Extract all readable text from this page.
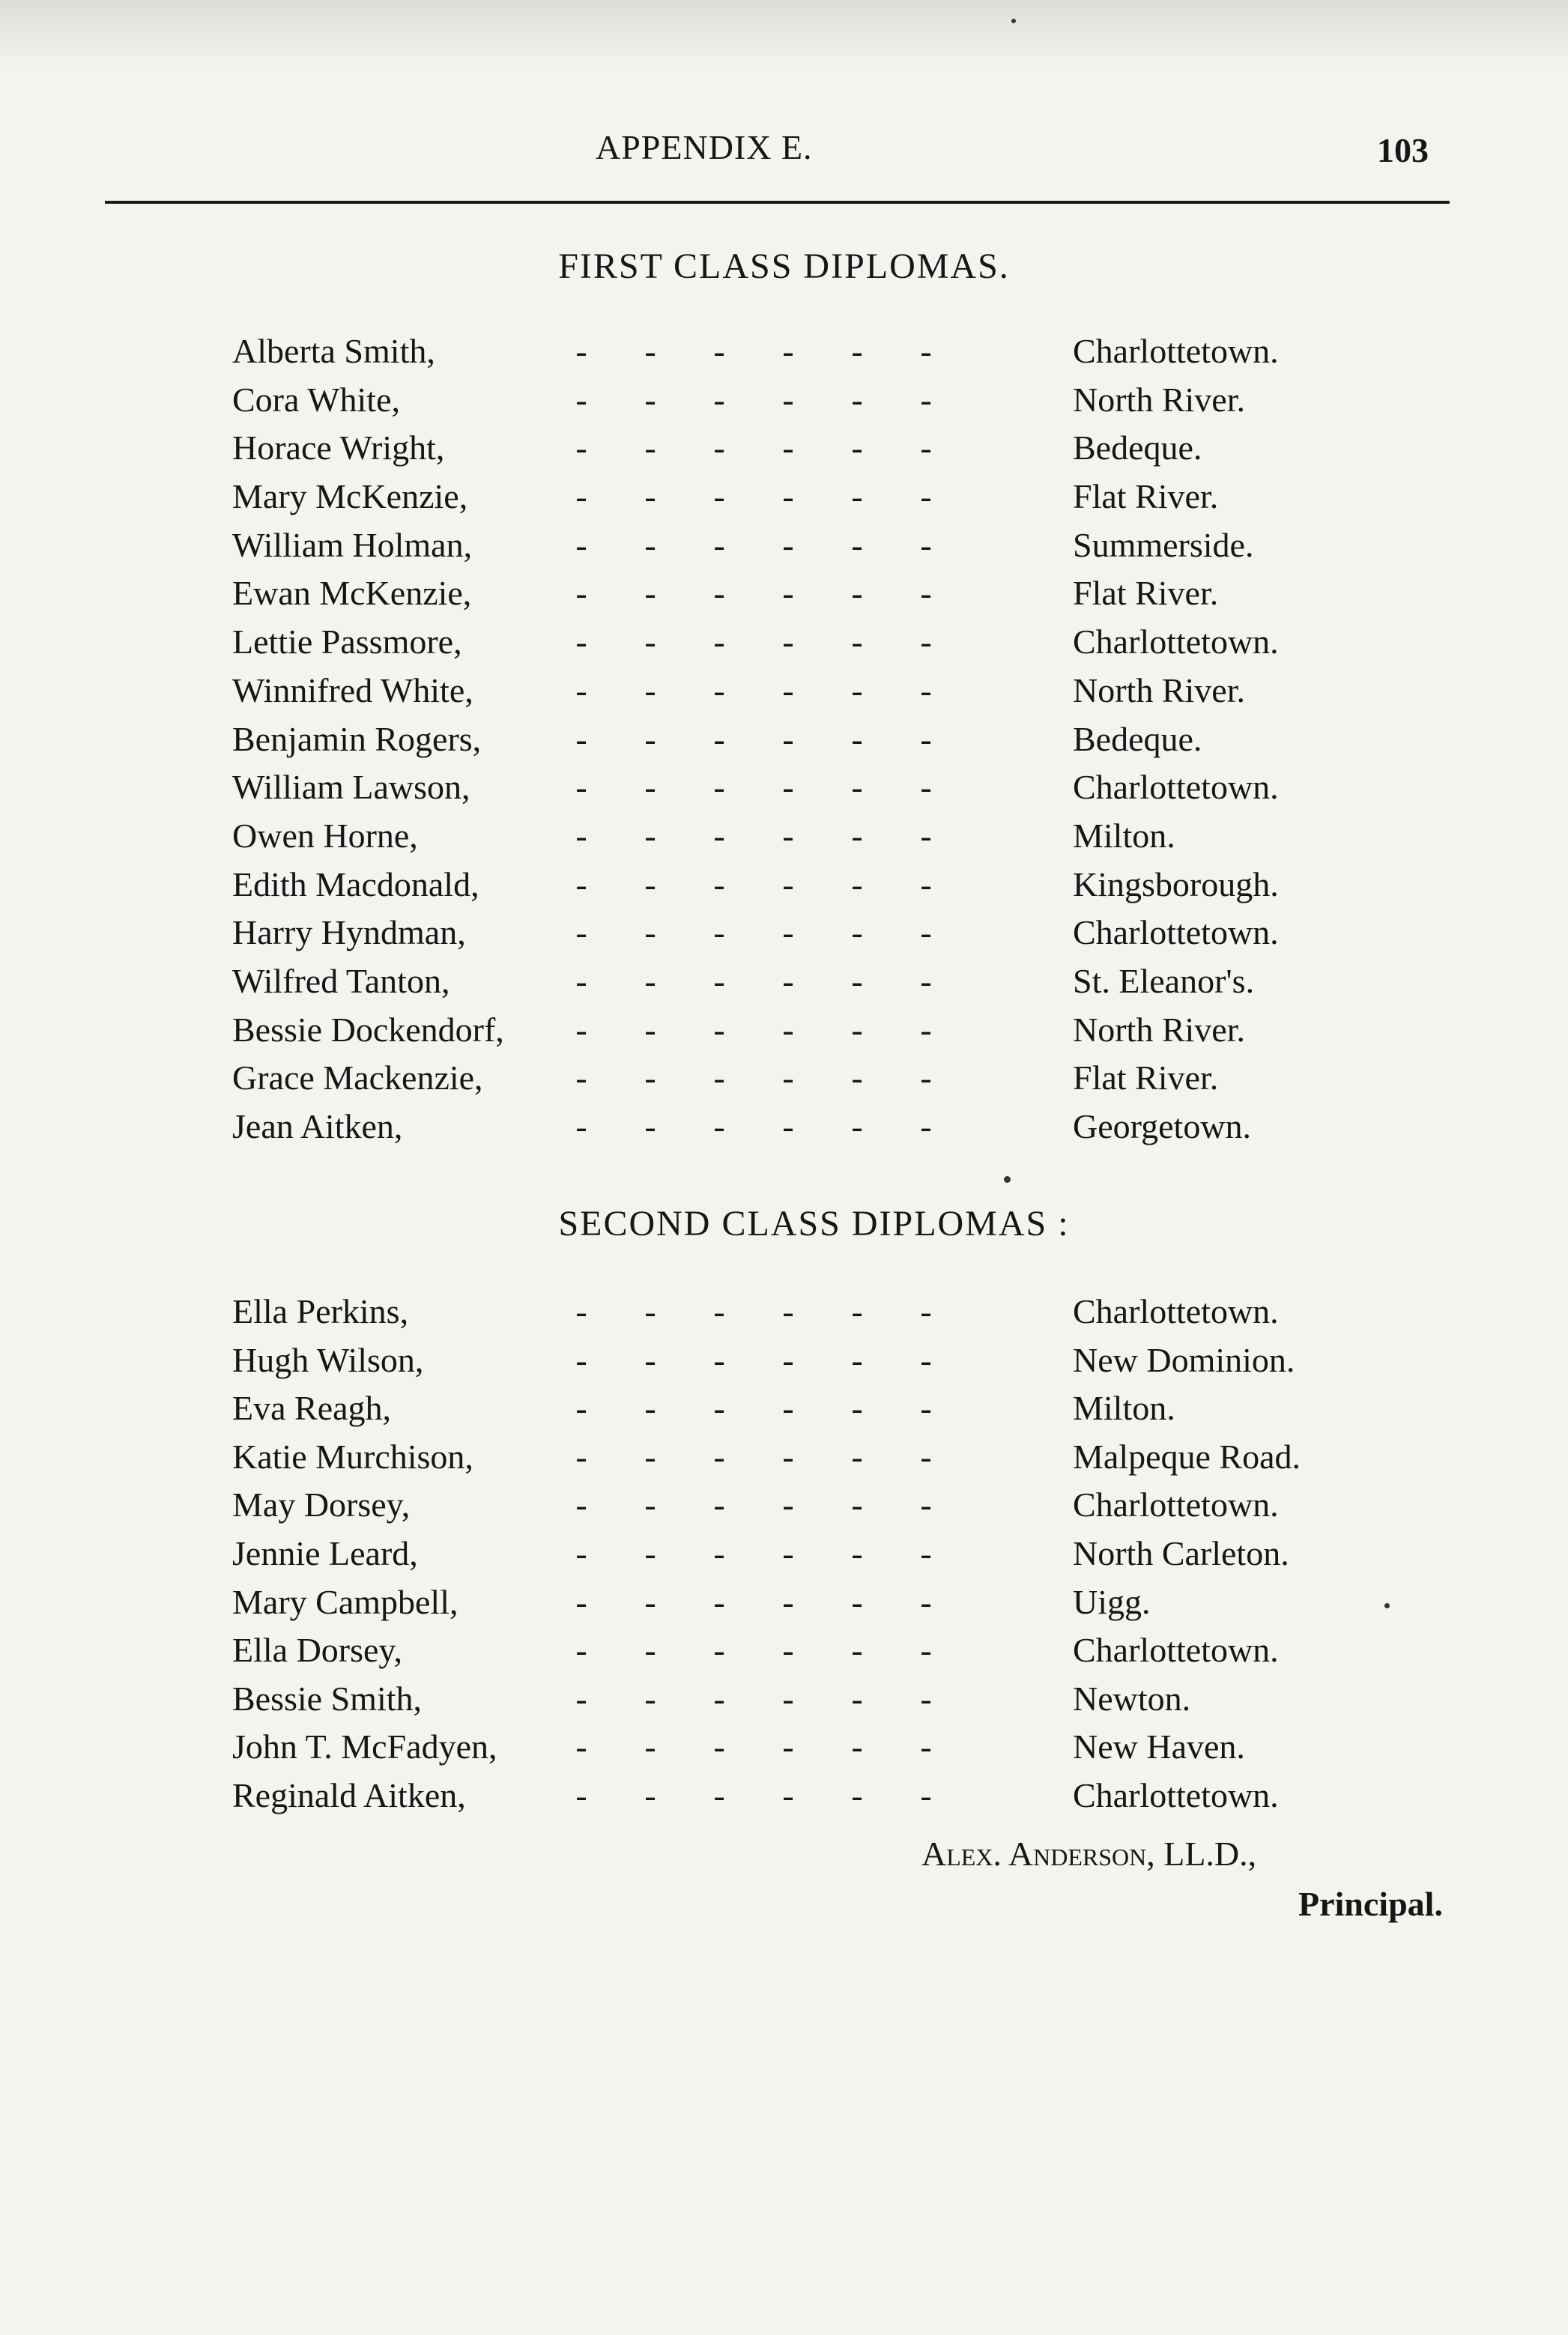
APPENDIX E.	103
FIRST CLASS DIPLOMAS.
Alberta Smith,	- - - - - -	Charlottetown.
Cora White,	- - - - - -	North River.
Horace Wright,	- - - - - -	Bedeque.
Mary McKenzie,	- - - - - -	Flat River.
William Holman,	- - - - - -	Summerside.
Ewan McKenzie,	- - - - - -	Flat River.
Lettie Passmore,	- - - - - -	Charlottetown.
Winnifred White,	- - - - - -	North River.
Benjamin Rogers,	- - - - - -	Bedeque.
William Lawson,	- - - - - -	Charlottetown.
Owen Horne,	- - - - - -	Milton.
Edith Macdonald,	- - - - - -	Kingsborough.
Harry Hyndman,	- - - - - -	Charlottetown.
Wilfred Tanton,	- - - - - -	St. Eleanor's.
Bessie Dockendorf,	- - - - - -	North River.
Grace Mackenzie,	- - - - - -	Flat River.
Jean Aitken,	- - - - - -	Georgetown.
SECOND CLASS DIPLOMAS :
Ella Perkins,	- - - - - -	Charlottetown.
Hugh Wilson,	- - - - - -	New Dominion.
Eva Reagh,	- - - - - -	Milton.
Katie Murchison,	- - - - - -	Malpeque Road.
May Dorsey,	- - - - - -	Charlottetown.
Jennie Leard,	- - - - - -	North Carleton.
Mary Campbell,	- - - - - -	Uigg.
Ella Dorsey,	- - - - - -	Charlottetown.
Bessie Smith,	- - - - - -	Newton.
John T. McFadyen,	- - - - - -	New Haven.
Reginald Aitken,	- - - - - -	Charlottetown.
Alex. Anderson, LL.D.,
Principal.
